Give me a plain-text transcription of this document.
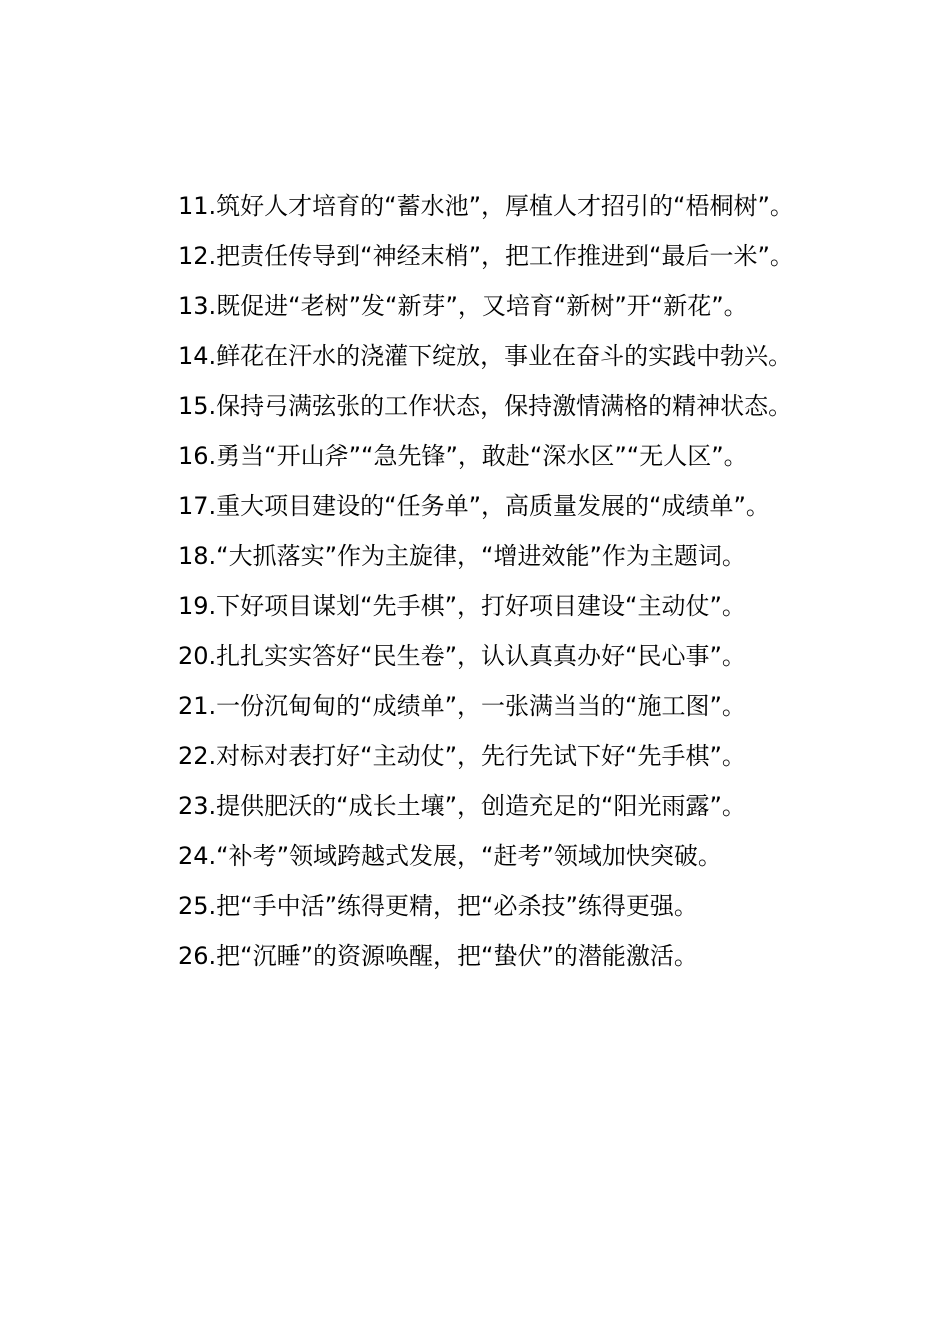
11.筑好人才培育的“蓄水池”，厚植人才招引的“梧桐树”。

12.把责任传导到“神经末梢”，把工作推进到“最后一米”。

13.既促进“老树”发“新芽”，又培育“新树”开“新花”。

14.鲜花在汗水的浇灌下绽放，事业在奋斗的实践中勃兴。

15.保持弓满弦张的工作状态，保持激情满格的精神状态。

16.勇当“开山斧”“急先锋”，敢赴“深水区”“无人区”。

17.重大项目建设的“任务单”，高质量发展的“成绩单”。

18.“大抓落实”作为主旋律，“增进效能”作为主题词。

19.下好项目谋划“先手棋”，打好项目建设“主动仗”。

20.扎扎实实答好“民生卷”，认认真真办好“民心事”。

21.一份沉甸甸的“成绩单”，一张满当当的“施工图”。

22.对标对表打好“主动仗”，先行先试下好“先手棋”。

23.提供肥沃的“成长土壤”，创造充足的“阳光雨露”。

24.“补考”领域跨越式发展，“赶考”领域加快突破。

25.把“手中活”练得更精，把“必杀技”练得更强。

26.把“沉睡”的资源唤醒，把“蛰伏”的潜能激活。
